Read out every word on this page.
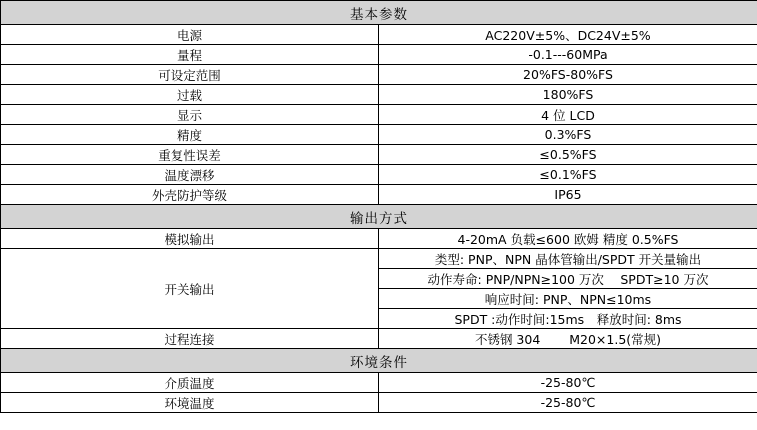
基本参数	
电源	AC220V±5%、DC24V±5%
量程	-0.1---60MPa
可设定范围	20%FS-80%FS
过载	180%FS
显示	4 位 LCD
精度	0.3%FS
重复性误差	≤0.5%FS
温度漂移	≤0.1%FS
外壳防护等级	IP65
输出方式	
模拟输出	4-20mA 负载≤600 欧姆 精度 0.5%FS
开关输出	类型: PNP、NPN 晶体管输出/SPDT 开关量输出
	动作寿命: PNP/NPN≥100 万次　 SPDT≥10 万次
	响应时间: PNP、NPN≤10ms
	SPDT :动作时间:15ms　释放时间: 8ms
过程连接	不锈钢 304　　 M20×1.5(常规)
环境条件	
介质温度	-25-80℃
环境温度	-25-80℃
